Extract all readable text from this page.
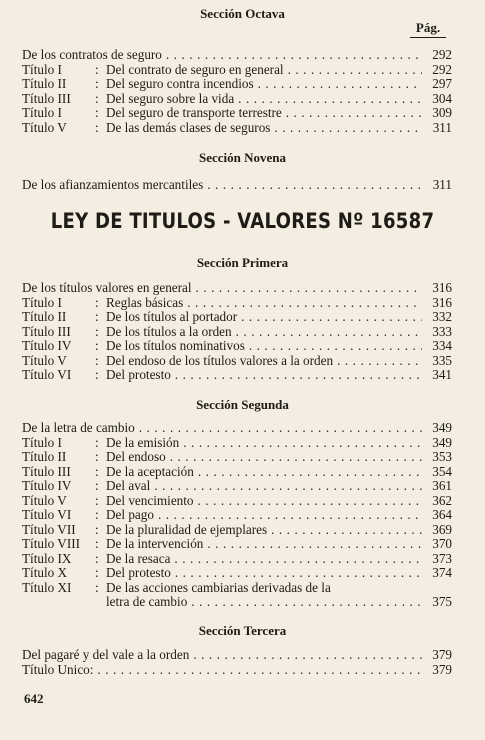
Sección Octava
Pág.
De los contratos de seguro . . .	292
Título I	: Del contrato de seguro en general . . .	292
Título II : Del seguro contra incendios . . .	297
Título III : Del seguro sobre la vida . . .	304
Título I	: Del seguro de transporte terrestre . . .	309
Título V : De las demás clases de seguros . . .	311
Sección Novena
De los afianzamientos mercantiles . . .	311
LEY DE TITULOS - VALORES Nº 16587
Sección Primera
De los títulos valores en general . . .	316
Título I	: Reglas básicas . . .	316
Título II : De los títulos al portador . . .	332
Título III : De los títulos a la orden . . .	333
Título IV : De los títulos nominativos . . .	334
Título V : Del endoso de los títulos valores a la orden . . .	335
Título VI : Del protesto . . .	341
Sección Segunda
De la letra de cambio . . .	349
Título I	: De la emisión . . .	349
Título II : Del endoso . . .	353
Título III : De la aceptación . . .	354
Título IV : Del aval . . .	361
Título V : Del vencimiento . . .	362
Título VI : Del pago . . .	364
Título VII : De la pluralidad de ejemplares . . .	369
Título VIII : De la intervención . . .	370
Título IX : De la resaca . . .	373
Título X : Del protesto . . .	374
Título XI : De las acciones cambiarias derivadas de la
letra de cambio . . .	375
Sección Tercera
Del pagaré y del vale a la orden . . .	379
Título Unico: . . .	379
642
